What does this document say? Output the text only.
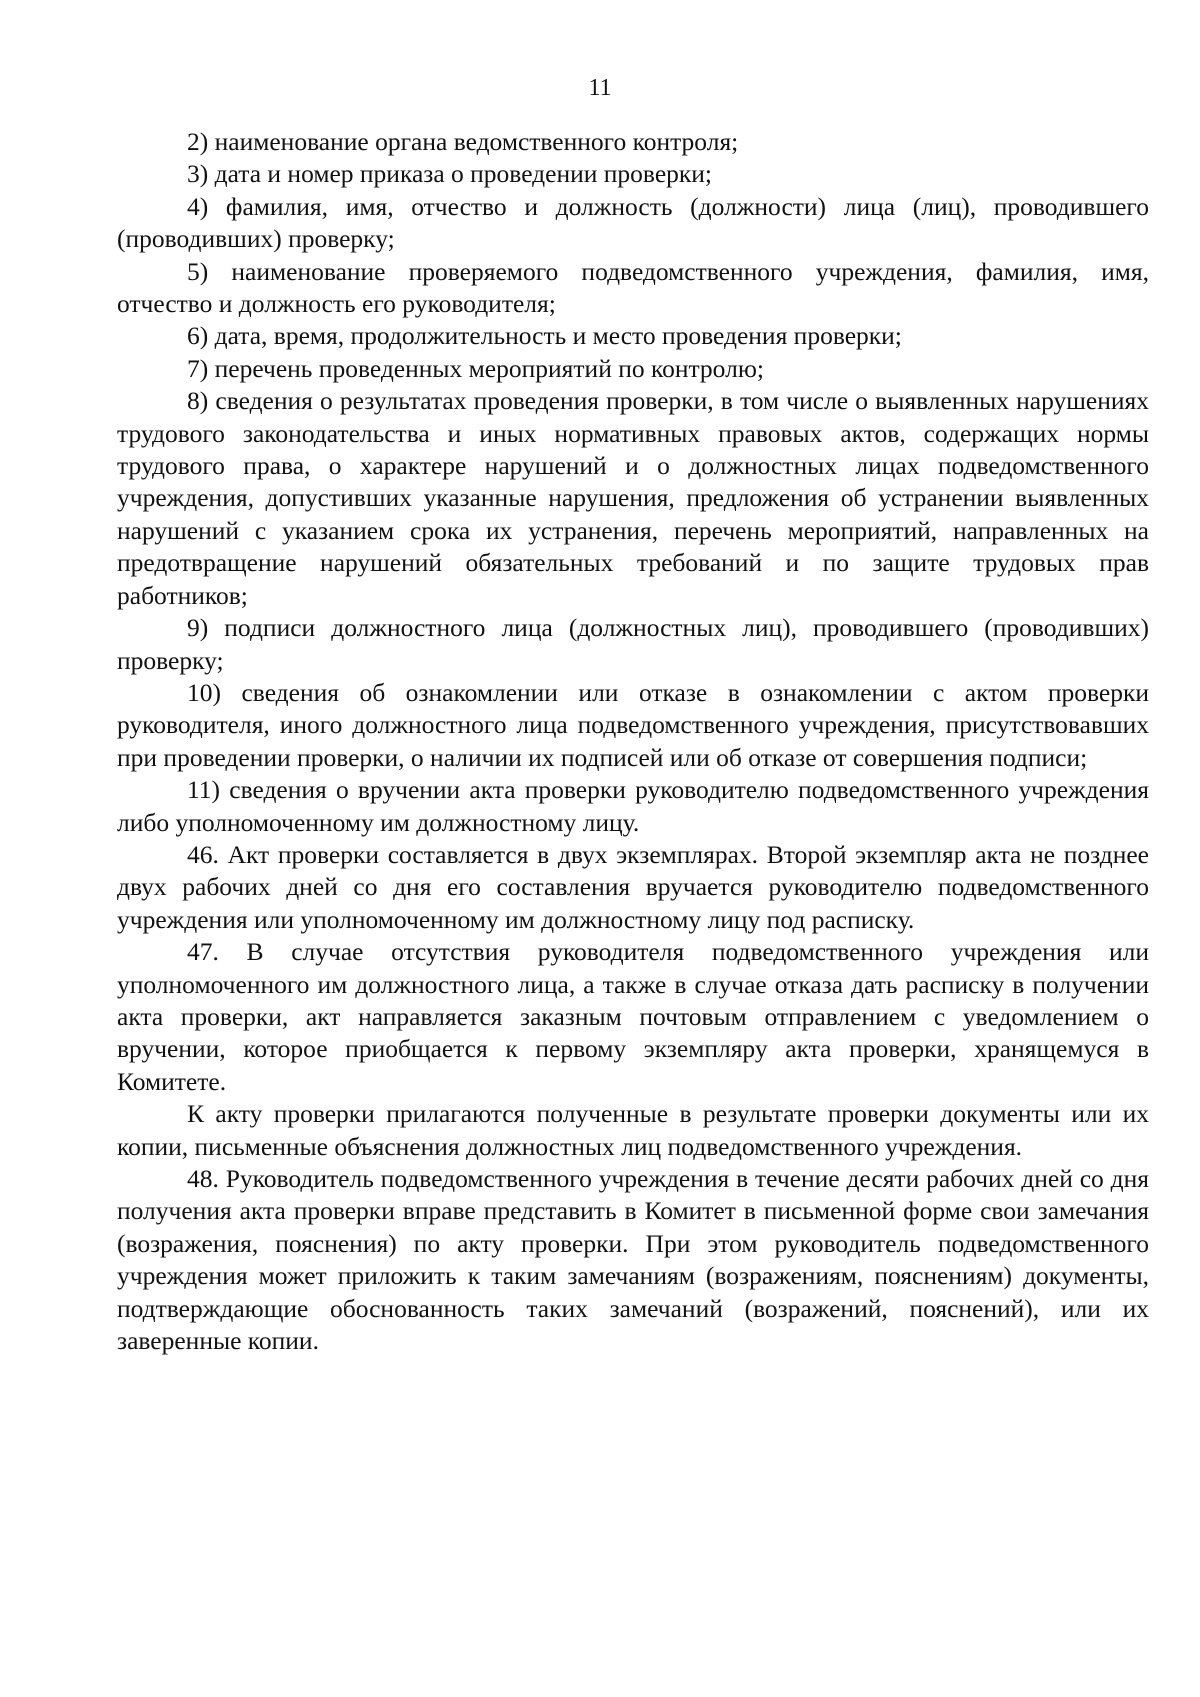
11

2) наименование органа ведомственного контроля;

3) дата и номер приказа о проведении проверки;

4) фамилия, имя, отчество и должность (должности) лица (лиц), проводившего (проводивших) проверку;

5) наименование проверяемого подведомственного учреждения, фамилия, имя, отчество и должность его руководителя;

6) дата, время, продолжительность и место проведения проверки;

7) перечень проведенных мероприятий по контролю;

8) сведения о результатах проведения проверки, в том числе о выявленных нарушениях трудового законодательства и иных нормативных правовых актов, содержащих нормы трудового права, о характере нарушений и о должностных лицах подведомственного учреждения, допустивших указанные нарушения, предложения об устранении выявленных нарушений с указанием срока их устранения, перечень мероприятий, направленных на предотвращение нарушений обязательных требований и по защите трудовых прав работников;

9) подписи должностного лица (должностных лиц), проводившего (проводивших) проверку;

10) сведения об ознакомлении или отказе в ознакомлении с актом проверки руководителя, иного должностного лица подведомственного учреждения, присутствовавших при проведении проверки, о наличии их подписей или об отказе от совершения подписи;

11) сведения о вручении акта проверки руководителю подведомственного учреждения либо уполномоченному им должностному лицу.

46. Акт проверки составляется в двух экземплярах. Второй экземпляр акта не позднее двух рабочих дней со дня его составления вручается руководителю подведомственного учреждения или уполномоченному им должностному лицу под расписку.

47. В случае отсутствия руководителя подведомственного учреждения или уполномоченного им должностного лица, а также в случае отказа дать расписку в получении акта проверки, акт направляется заказным почтовым отправлением с уведомлением о вручении, которое приобщается к первому экземпляру акта проверки, хранящемуся в Комитете.

К акту проверки прилагаются полученные в результате проверки документы или их копии, письменные объяснения должностных лиц подведомственного учреждения.

48. Руководитель подведомственного учреждения в течение десяти рабочих дней со дня получения акта проверки вправе представить в Комитет в письменной форме свои замечания (возражения, пояснения) по акту проверки. При этом руководитель подведомственного учреждения может приложить к таким замечаниям (возражениям, пояснениям) документы, подтверждающие обоснованность таких замечаний (возражений, пояснений), или их заверенные копии.
